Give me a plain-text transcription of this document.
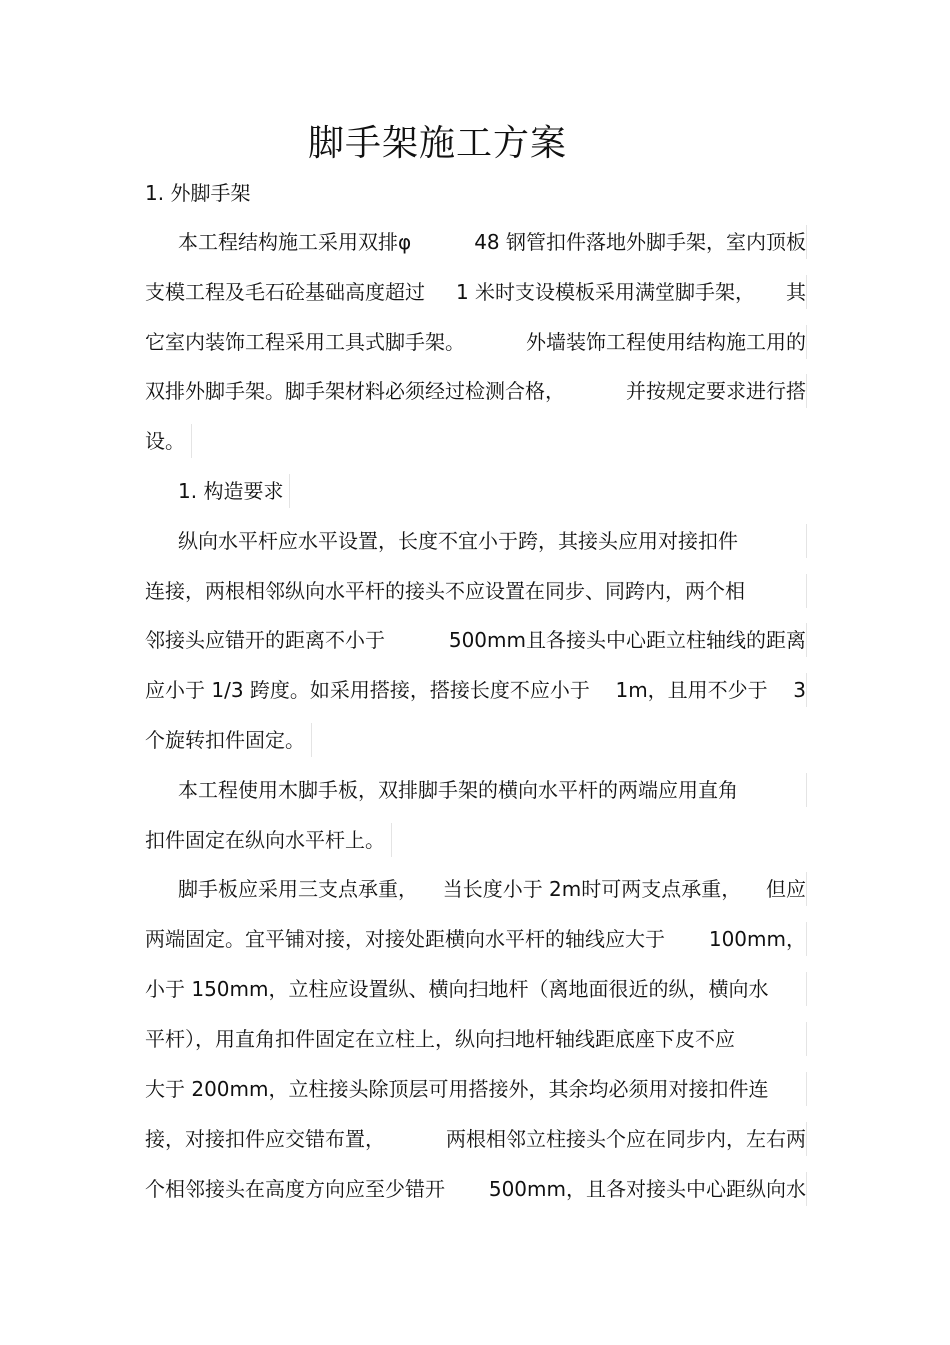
脚手架施工方案
1. 外脚手架
本工程结构施工采用双排φ	48 钢管扣件落地外脚手架，室内顶板
支模工程及毛石砼基础高度超过 1 米时支设模板采用满堂脚手架， 其
它室内装饰工程采用工具式脚手架。	外墙装饰工程使用结构施工用的
双排外脚手架。脚手架材料必须经过检测合格，	并按规定要求进行搭
设。
1. 构造要求
纵向水平杆应水平设置，长度不宜小于跨，其接头应用对接扣件
连接，两根相邻纵向水平杆的接头不应设置在同步、同跨内，两个相
邻接头应错开的距离不小于	500mm且各接头中心距立柱轴线的距离
应小于 1/3 跨度。如采用搭接，搭接长度不应小于 1m，且用不少于 3
个旋转扣件固定。
本工程使用木脚手板，双排脚手架的横向水平杆的两端应用直角
扣件固定在纵向水平杆上。
脚手板应采用三支点承重， 当长度小于 2m时可两支点承重， 但应
两端固定。宜平铺对接，对接处距横向水平杆的轴线应大于 100mm，
小于 150mm，立柱应设置纵、横向扫地杆（离地面很近的纵，横向水
平杆），用直角扣件固定在立柱上，纵向扫地杆轴线距底座下皮不应
大于 200mm，立柱接头除顶层可用搭接外，其余均必须用对接扣件连
接，对接扣件应交错布置，	两根相邻立柱接头个应在同步内，左右两
个相邻接头在高度方向应至少错开 500mm，且各对接头中心距纵向水
